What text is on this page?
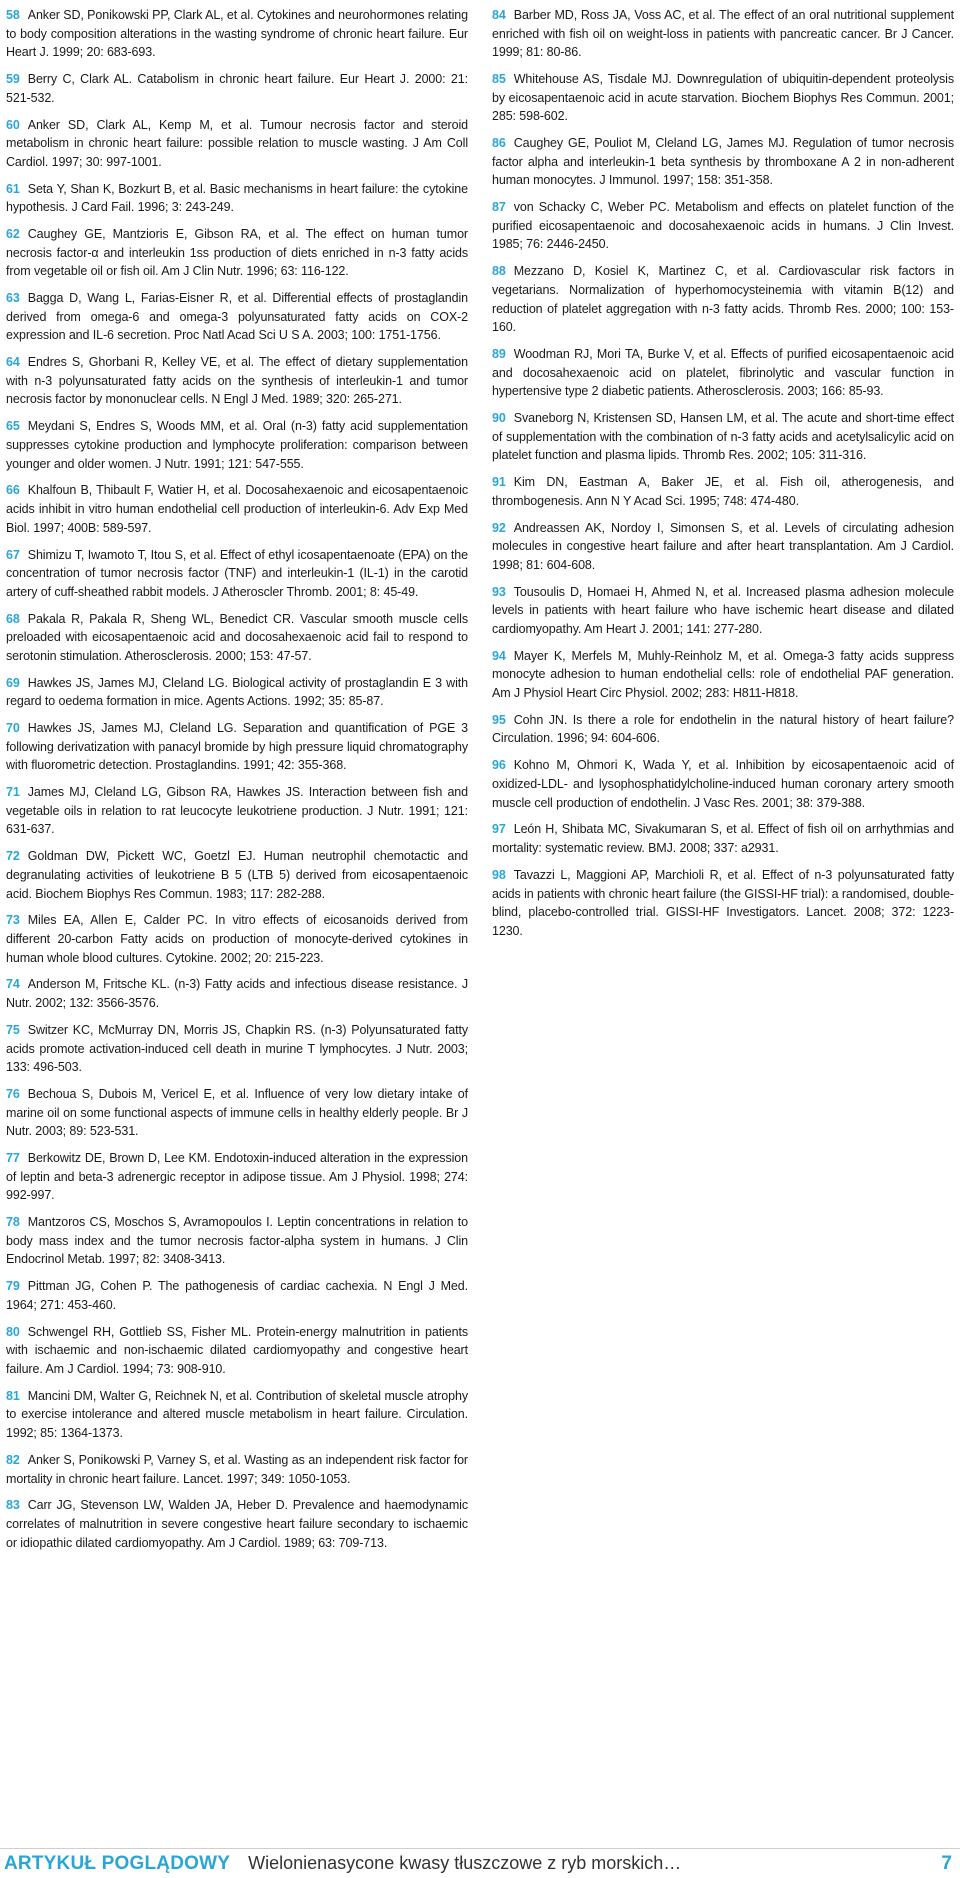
58 Anker SD, Ponikowski PP, Clark AL, et al. Cytokines and neurohormones relating to body composition alterations in the wasting syndrome of chronic heart failure. Eur Heart J. 1999; 20: 683-693.

59 Berry C, Clark AL. Catabolism in chronic heart failure. Eur Heart J. 2000: 21: 521-532.

60 Anker SD, Clark AL, Kemp M, et al. Tumour necrosis factor and steroid metabolism in chronic heart failure: possible relation to muscle wasting. J Am Coll Cardiol. 1997; 30: 997-1001.

61 Seta Y, Shan K, Bozkurt B, et al. Basic mechanisms in heart failure: the cytokine hypothesis. J Card Fail. 1996; 3: 243-249.

62 Caughey GE, Mantzioris E, Gibson RA, et al. The effect on human tumor necrosis factor-α and interleukin 1ss production of diets enriched in n-3 fatty acids from vegetable oil or fish oil. Am J Clin Nutr. 1996; 63: 116-122.

63 Bagga D, Wang L, Farias-Eisner R, et al. Differential effects of prostaglandin derived from omega-6 and omega-3 polyunsaturated fatty acids on COX-2 expression and IL-6 secretion. Proc Natl Acad Sci U S A. 2003; 100: 1751-1756.

64 Endres S, Ghorbani R, Kelley VE, et al. The effect of dietary supplementation with n-3 polyunsaturated fatty acids on the synthesis of interleukin-1 and tumor necrosis factor by mononuclear cells. N Engl J Med. 1989; 320: 265-271.

65 Meydani S, Endres S, Woods MM, et al. Oral (n-3) fatty acid supplementation suppresses cytokine production and lymphocyte proliferation: comparison between younger and older women. J Nutr. 1991; 121: 547-555.

66 Khalfoun B, Thibault F, Watier H, et al. Docosahexaenoic and eicosapentaenoic acids inhibit in vitro human endothelial cell production of interleukin-6. Adv Exp Med Biol. 1997; 400B: 589-597.

67 Shimizu T, Iwamoto T, Itou S, et al. Effect of ethyl icosapentaenoate (EPA) on the concentration of tumor necrosis factor (TNF) and interleukin-1 (IL-1) in the carotid artery of cuff-sheathed rabbit models. J Atheroscler Thromb. 2001; 8: 45-49.

68 Pakala R, Pakala R, Sheng WL, Benedict CR. Vascular smooth muscle cells preloaded with eicosapentaenoic acid and docosahexaenoic acid fail to respond to serotonin stimulation. Atherosclerosis. 2000; 153: 47-57.

69 Hawkes JS, James MJ, Cleland LG. Biological activity of prostaglandin E 3 with regard to oedema formation in mice. Agents Actions. 1992; 35: 85-87.

70 Hawkes JS, James MJ, Cleland LG. Separation and quantification of PGE 3 following derivatization with panacyl bromide by high pressure liquid chromatography with fluorometric detection. Prostaglandins. 1991; 42: 355-368.

71 James MJ, Cleland LG, Gibson RA, Hawkes JS. Interaction between fish and vegetable oils in relation to rat leucocyte leukotriene production. J Nutr. 1991; 121: 631-637.

72 Goldman DW, Pickett WC, Goetzl EJ. Human neutrophil chemotactic and degranulating activities of leukotriene B 5 (LTB 5) derived from eicosapentaenoic acid. Biochem Biophys Res Commun. 1983; 117: 282-288.

73 Miles EA, Allen E, Calder PC. In vitro effects of eicosanoids derived from different 20-carbon Fatty acids on production of monocyte-derived cytokines in human whole blood cultures. Cytokine. 2002; 20: 215-223.

74 Anderson M, Fritsche KL. (n-3) Fatty acids and infectious disease resistance. J Nutr. 2002; 132: 3566-3576.

75 Switzer KC, McMurray DN, Morris JS, Chapkin RS. (n-3) Polyunsaturated fatty acids promote activation-induced cell death in murine T lymphocytes. J Nutr. 2003; 133: 496-503.

76 Bechoua S, Dubois M, Vericel E, et al. Influence of very low dietary intake of marine oil on some functional aspects of immune cells in healthy elderly people. Br J Nutr. 2003; 89: 523-531.

77 Berkowitz DE, Brown D, Lee KM. Endotoxin-induced alteration in the expression of leptin and beta-3 adrenergic receptor in adipose tissue. Am J Physiol. 1998; 274: 992-997.

78 Mantzoros CS, Moschos S, Avramopoulos I. Leptin concentrations in relation to body mass index and the tumor necrosis factor-alpha system in humans. J Clin Endocrinol Metab. 1997; 82: 3408-3413.

79 Pittman JG, Cohen P. The pathogenesis of cardiac cachexia. N Engl J Med. 1964; 271: 453-460.

80 Schwengel RH, Gottlieb SS, Fisher ML. Protein-energy malnutrition in patients with ischaemic and non-ischaemic dilated cardiomyopathy and congestive heart failure. Am J Cardiol. 1994; 73: 908-910.

81 Mancini DM, Walter G, Reichnek N, et al. Contribution of skeletal muscle atrophy to exercise intolerance and altered muscle metabolism in heart failure. Circulation. 1992; 85: 1364-1373.

82 Anker S, Ponikowski P, Varney S, et al. Wasting as an independent risk factor for mortality in chronic heart failure. Lancet. 1997; 349: 1050-1053.

83 Carr JG, Stevenson LW, Walden JA, Heber D. Prevalence and haemodynamic correlates of malnutrition in severe congestive heart failure secondary to ischaemic or idiopathic dilated cardiomyopathy. Am J Cardiol. 1989; 63: 709-713.

84 Barber MD, Ross JA, Voss AC, et al. The effect of an oral nutritional supplement enriched with fish oil on weight-loss in patients with pancreatic cancer. Br J Cancer. 1999; 81: 80-86.

85 Whitehouse AS, Tisdale MJ. Downregulation of ubiquitin-dependent proteolysis by eicosapentaenoic acid in acute starvation. Biochem Biophys Res Commun. 2001; 285: 598-602.

86 Caughey GE, Pouliot M, Cleland LG, James MJ. Regulation of tumor necrosis factor alpha and interleukin-1 beta synthesis by thromboxane A 2 in non-adherent human monocytes. J Immunol. 1997; 158: 351-358.

87 von Schacky C, Weber PC. Metabolism and effects on platelet function of the purified eicosapentaenoic and docosahexaenoic acids in humans. J Clin Invest. 1985; 76: 2446-2450.

88 Mezzano D, Kosiel K, Martinez C, et al. Cardiovascular risk factors in vegetarians. Normalization of hyperhomocysteinemia with vitamin B(12) and reduction of platelet aggregation with n-3 fatty acids. Thromb Res. 2000; 100: 153-160.

89 Woodman RJ, Mori TA, Burke V, et al. Effects of purified eicosapentaenoic acid and docosahexaenoic acid on platelet, fibrinolytic and vascular function in hypertensive type 2 diabetic patients. Atherosclerosis. 2003; 166: 85-93.

90 Svaneborg N, Kristensen SD, Hansen LM, et al. The acute and short-time effect of supplementation with the combination of n-3 fatty acids and acetylsalicylic acid on platelet function and plasma lipids. Thromb Res. 2002; 105: 311-316.

91 Kim DN, Eastman A, Baker JE, et al. Fish oil, atherogenesis, and thrombogenesis. Ann N Y Acad Sci. 1995; 748: 474-480.

92 Andreassen AK, Nordoy I, Simonsen S, et al. Levels of circulating adhesion molecules in congestive heart failure and after heart transplantation. Am J Cardiol. 1998; 81: 604-608.

93 Tousoulis D, Homaei H, Ahmed N, et al. Increased plasma adhesion molecule levels in patients with heart failure who have ischemic heart disease and dilated cardiomyopathy. Am Heart J. 2001; 141: 277-280.

94 Mayer K, Merfels M, Muhly-Reinholz M, et al. Omega-3 fatty acids suppress monocyte adhesion to human endothelial cells: role of endothelial PAF generation. Am J Physiol Heart Circ Physiol. 2002; 283: H811-H818.

95 Cohn JN. Is there a role for endothelin in the natural history of heart failure? Circulation. 1996; 94: 604-606.

96 Kohno M, Ohmori K, Wada Y, et al. Inhibition by eicosapentaenoic acid of oxidized-LDL- and lysophosphatidylcholine-induced human coronary artery smooth muscle cell production of endothelin. J Vasc Res. 2001; 38: 379-388.

97 León H, Shibata MC, Sivakumaran S, et al. Effect of fish oil on arrhythmias and mortality: systematic review. BMJ. 2008; 337: a2931.

98 Tavazzi L, Maggioni AP, Marchioli R, et al. Effect of n-3 polyunsaturated fatty acids in patients with chronic heart failure (the GISSI-HF trial): a randomised, double-blind, placebo-controlled trial. GISSI-HF Investigators. Lancet. 2008; 372: 1223-1230.

ARTYKUŁ POGLĄDOWY Wielonienasycone kwasy tłuszczowe z ryb morskich…	7
